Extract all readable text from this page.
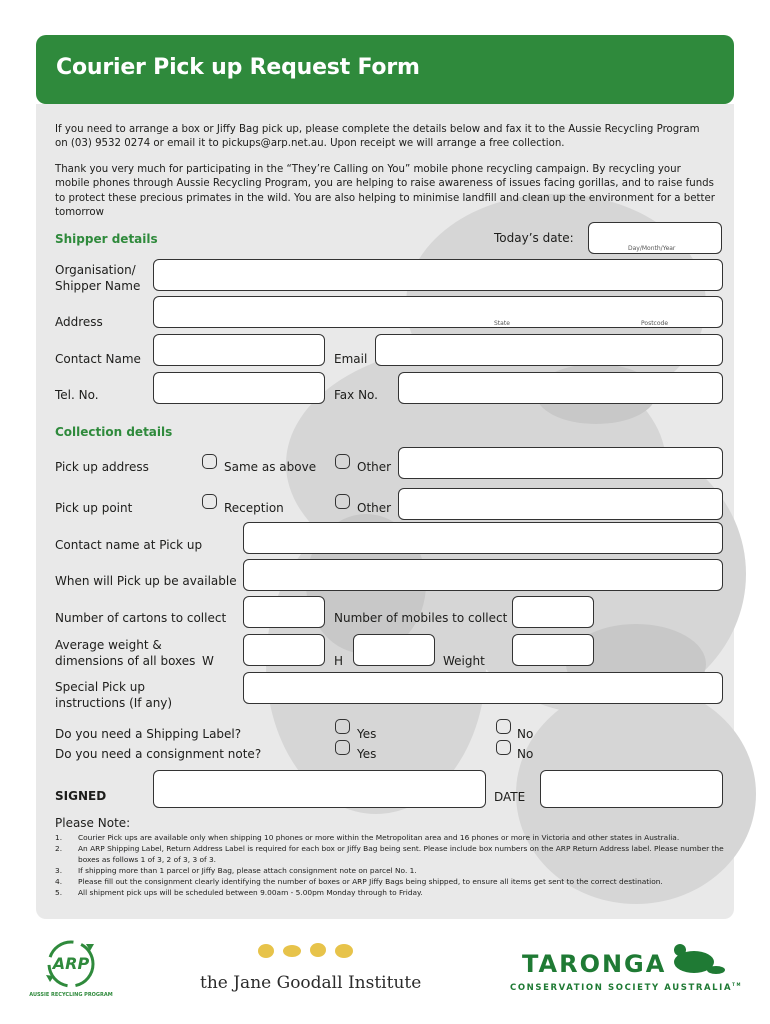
Courier Pick up Request Form
If you need to arrange a box or Jiffy Bag pick up, please complete the details below and fax it to the Aussie Recycling Program on (03) 9532 0274 or email it to pickups@arp.net.au. Upon receipt we will arrange a free collection.
Thank you very much for participating in the “They’re Calling on You” mobile phone recycling campaign. By recycling your mobile phones through Aussie Recycling Program, you are helping to raise awareness of issues facing gorillas, and to raise funds to protect these precious primates in the wild. You are also helping to minimise landfill and clean up the environment for a better tomorrow
Shipper details	Today’s date:
Day/Month/Year
Organisation/
Shipper Name
Address	State	Postcode
Contact Name	Email
Tel. No.	Fax No.
Collection details
Pick up address	Same as above	Other
Pick up point	Reception	Other
Contact name at Pick up
When will Pick up be available
Number of cartons to collect	Number of mobiles to collect
Average weight &
dimensions of all boxes W	H	Weight
Special Pick up
instructions (If any)
Do you need a Shipping Label?	Yes	No
Do you need a consignment note?	Yes	No
SIGNED	DATE
Please Note:
1.	Courier Pick ups are available only when shipping 10 phones or more within the Metropolitan area and 16 phones or more in Victoria and other states in Australia.
2.	An ARP Shipping Label, Return Address Label is required for each box or Jiffy Bag being sent. Please include box numbers on the ARP Return Address label. Please number the boxes as follows 1 of 3, 2 of 3, 3 of 3.
3.	If shipping more than 1 parcel or Jiffy Bag, please attach consignment note on parcel No. 1.
4.	Please fill out the consignment clearly identifying the number of boxes or ARP Jiffy Bags being shipped, to ensure all items get sent to the correct destination.
5.	All shipment pick ups will be scheduled between 9.00am - 5.00pm Monday through to Friday.
ARP
AUSSIE RECYCLING PROGRAM
the Jane Goodall Institute
TARONGA
CONSERVATION SOCIETY AUSTRALIA™
